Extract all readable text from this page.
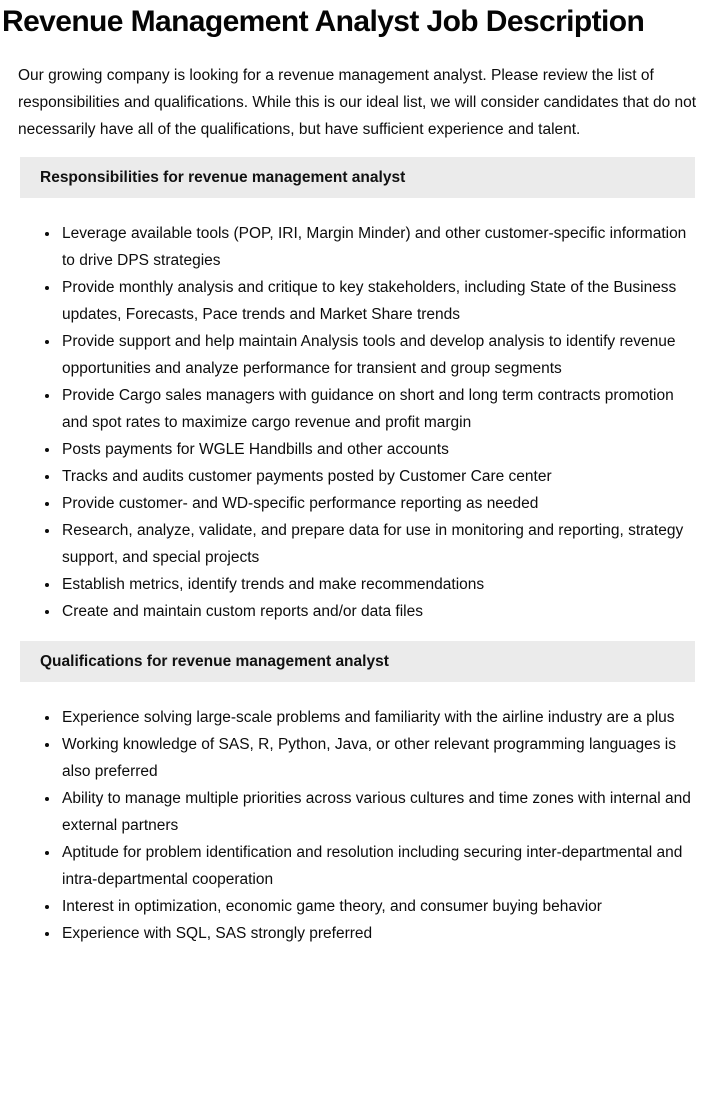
Revenue Management Analyst Job Description

Our growing company is looking for a revenue management analyst. Please review the list of responsibilities and qualifications. While this is our ideal list, we will consider candidates that do not necessarily have all of the qualifications, but have sufficient experience and talent.

Responsibilities for revenue management analyst
• Leverage available tools (POP, IRI, Margin Minder) and other customer-specific information to drive DPS strategies
• Provide monthly analysis and critique to key stakeholders, including State of the Business updates, Forecasts, Pace trends and Market Share trends
• Provide support and help maintain Analysis tools and develop analysis to identify revenue opportunities and analyze performance for transient and group segments
• Provide Cargo sales managers with guidance on short and long term contracts promotion and spot rates to maximize cargo revenue and profit margin
• Posts payments for WGLE Handbills and other accounts
• Tracks and audits customer payments posted by Customer Care center
• Provide customer- and WD-specific performance reporting as needed
• Research, analyze, validate, and prepare data for use in monitoring and reporting, strategy support, and special projects
• Establish metrics, identify trends and make recommendations
• Create and maintain custom reports and/or data files
Qualifications for revenue management analyst
• Experience solving large-scale problems and familiarity with the airline industry are a plus
• Working knowledge of SAS, R, Python, Java, or other relevant programming languages is also preferred
• Ability to manage multiple priorities across various cultures and time zones with internal and external partners
• Aptitude for problem identification and resolution including securing inter-departmental and intra-departmental cooperation
• Interest in optimization, economic game theory, and consumer buying behavior
• Experience with SQL, SAS strongly preferred
